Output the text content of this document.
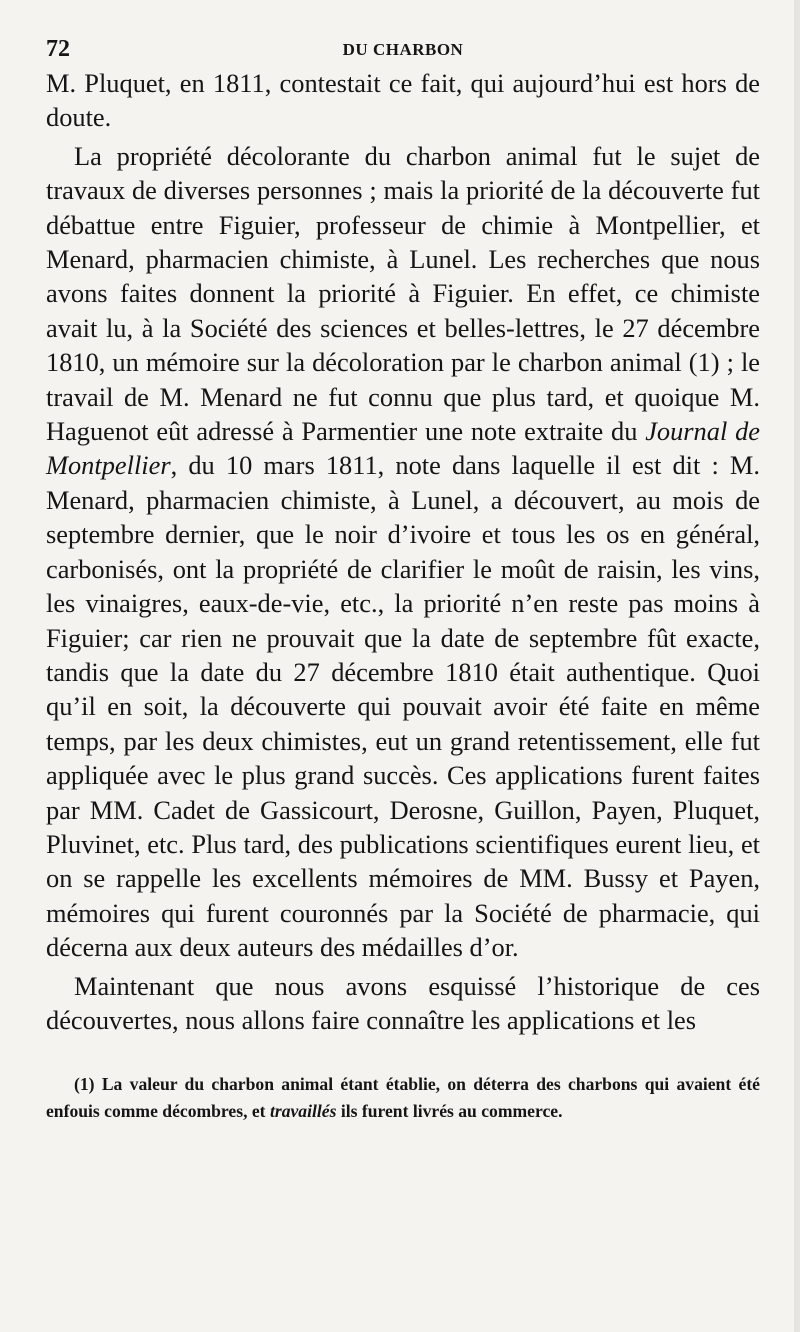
72	DU CHARBON

M. Pluquet, en 1811, contestait ce fait, qui aujourd’hui est hors de doute.

La propriété décolorante du charbon animal fut le sujet de travaux de diverses personnes ; mais la priorité de la découverte fut débattue entre Figuier, professeur de chimie à Montpellier, et Menard, pharmacien chimiste, à Lunel. Les recherches que nous avons faites donnent la priorité à Figuier. En effet, ce chimiste avait lu, à la Société des sciences et belles-lettres, le 27 décembre 1810, un mémoire sur la décoloration par le charbon animal (1) ; le travail de M. Menard ne fut connu que plus tard, et quoique M. Haguenot eût adressé à Parmentier une note extraite du Journal de Montpellier, du 10 mars 1811, note dans laquelle il est dit : M. Menard, pharmacien chimiste, à Lunel, a découvert, au mois de septembre dernier, que le noir d’ivoire et tous les os en général, carbonisés, ont la propriété de clarifier le moût de raisin, les vins, les vinaigres, eaux-de-vie, etc., la priorité n’en reste pas moins à Figuier; car rien ne prouvait que la date de septembre fût exacte, tandis que la date du 27 décembre 1810 était authentique. Quoi qu’il en soit, la découverte qui pouvait avoir été faite en même temps, par les deux chimistes, eut un grand retentissement, elle fut appliquée avec le plus grand succès. Ces applications furent faites par MM. Cadet de Gassicourt, Derosne, Guillon, Payen, Pluquet, Pluvinet, etc. Plus tard, des publications scientifiques eurent lieu, et on se rappelle les excellents mémoires de MM. Bussy et Payen, mémoires qui furent couronnés par la Société de pharmacie, qui décerna aux deux auteurs des médailles d’or.

Maintenant que nous avons esquissé l’historique de ces découvertes, nous allons faire connaître les applications et les

(1) La valeur du charbon animal étant établie, on déterra des charbons qui avaient été enfouis comme décombres, et travaillés ils furent livrés au commerce.
